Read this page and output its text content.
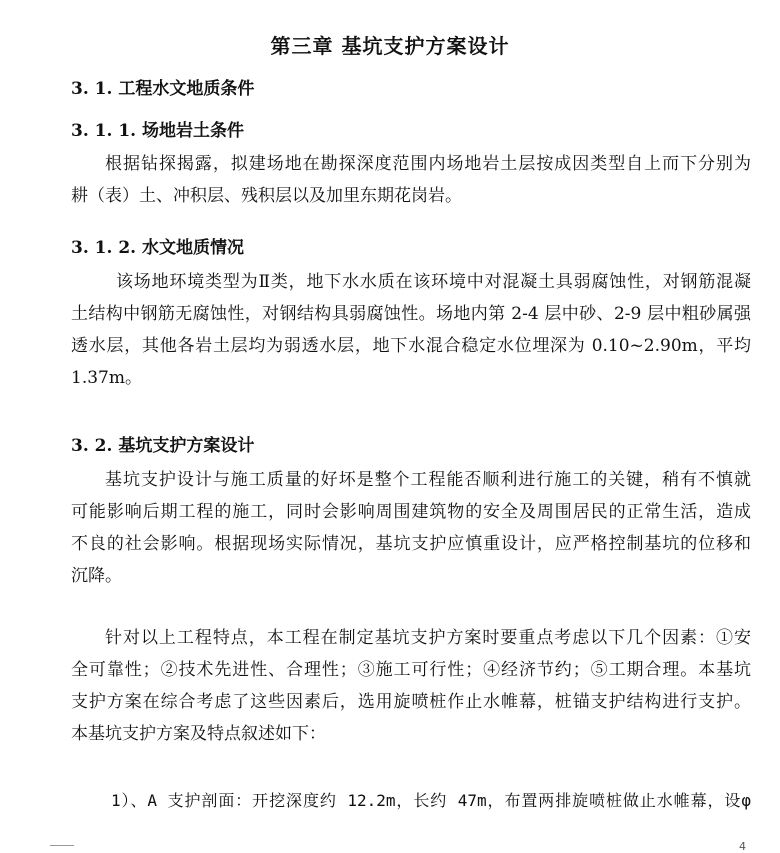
第三章 基坑支护方案设计
3. 1. 工程水文地质条件
3. 1. 1. 场地岩土条件
根据钻探揭露，拟建场地在勘探深度范围内场地岩土层按成因类型自上而下分别为
耕（表）土、冲积层、残积层以及加里东期花岗岩。
3. 1. 2. 水文地质情况
该场地环境类型为Ⅱ类，地下水水质在该环境中对混凝土具弱腐蚀性，对钢筋混凝
土结构中钢筋无腐蚀性，对钢结构具弱腐蚀性。场地内第 2-4 层中砂、2-9 层中粗砂属强
透水层，其他各岩土层均为弱透水层，地下水混合稳定水位埋深为 0.10~2.90m，平均
1.37m。
3. 2. 基坑支护方案设计
基坑支护设计与施工质量的好坏是整个工程能否顺利进行施工的关键，稍有不慎就
可能影响后期工程的施工，同时会影响周围建筑物的安全及周围居民的正常生活，造成
不良的社会影响。根据现场实际情况，基坑支护应慎重设计，应严格控制基坑的位移和
沉降。
针对以上工程特点，本工程在制定基坑支护方案时要重点考虑以下几个因素：①安
全可靠性；②技术先进性、合理性；③施工可行性；④经济节约；⑤工期合理。本基坑
支护方案在综合考虑了这些因素后，选用旋喷桩作止水帷幕，桩锚支护结构进行支护。
本基坑支护方案及特点叙述如下：
1）、A 支护剖面：开挖深度约 12.2m，长约 47m，布置两排旋喷桩做止水帷幕，设φ
4
